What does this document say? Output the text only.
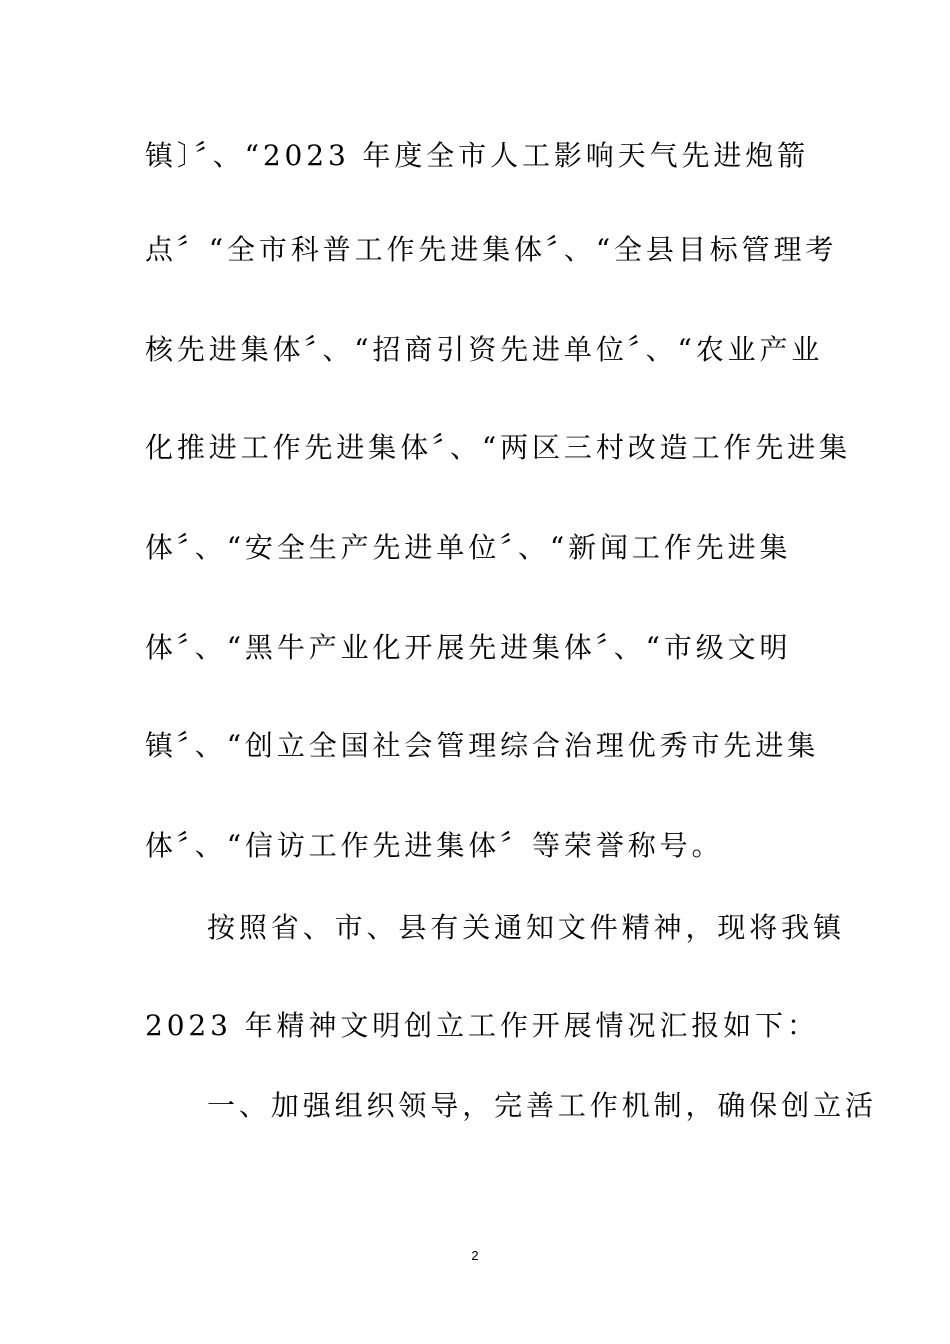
镇〕〞、“2023 年度全市人工影响天气先进炮箭
点〞“全市科普工作先进集体〞、“全县目标管理考
核先进集体〞、“招商引资先进单位〞、“农业产业
化推进工作先进集体〞、“两区三村改造工作先进集
体〞、“安全生产先进单位〞、“新闻工作先进集
体〞、“黑牛产业化开展先进集体〞、“市级文明
镇〞、“创立全国社会管理综合治理优秀市先进集
体〞、“信访工作先进集体〞等荣誉称号。
按照省、市、县有关通知文件精神，现将我镇
2023 年精神文明创立工作开展情况汇报如下：
一、加强组织领导，完善工作机制，确保创立活
2
